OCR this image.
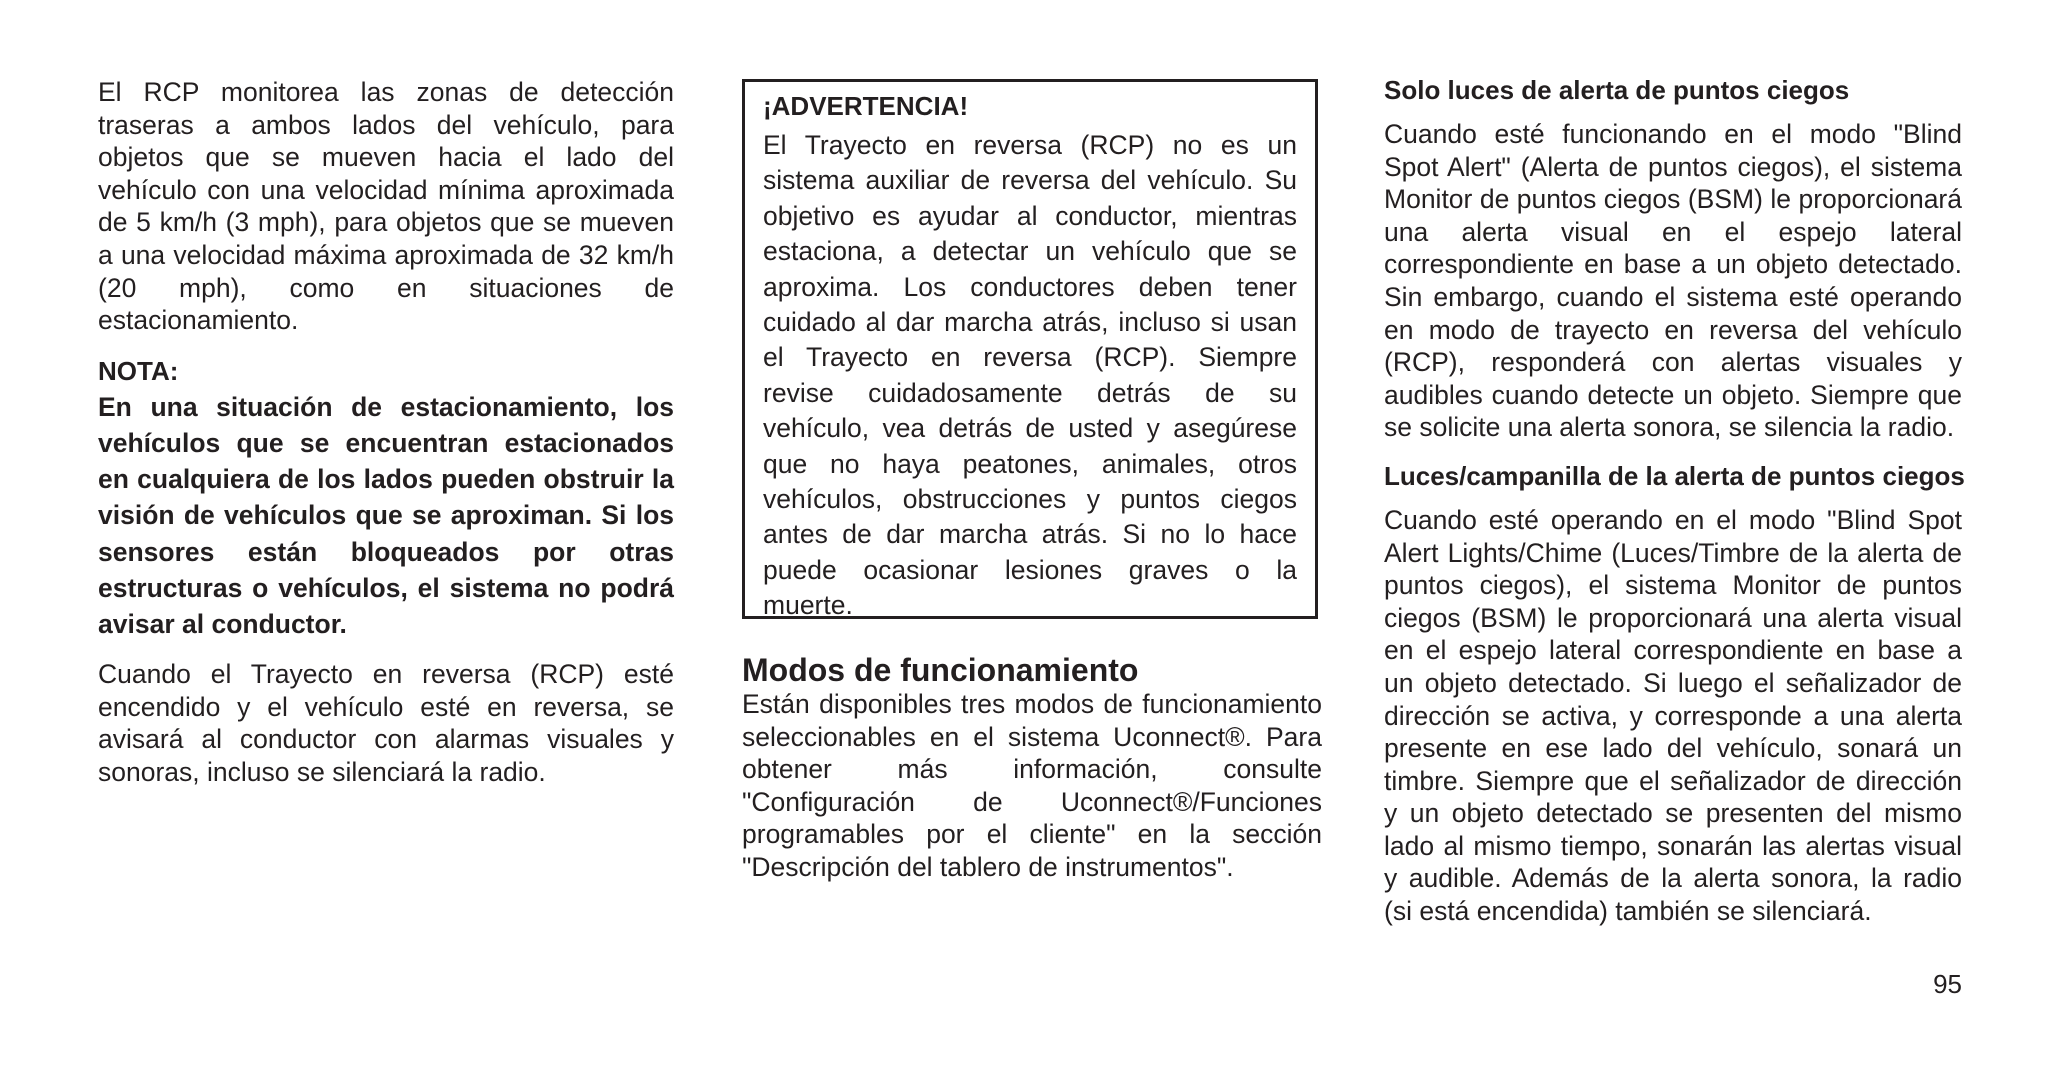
El RCP monitorea las zonas de detección traseras a ambos lados del vehículo, para objetos que se mueven hacia el lado del vehículo con una velocidad mínima aproximada de 5 km/h (3 mph), para objetos que se mueven a una velocidad máxima aproximada de 32 km/h (20 mph), como en situaciones de estacionamiento.

NOTA:

En una situación de estacionamiento, los vehículos que se encuentran estacionados en cualquiera de los lados pueden obstruir la visión de vehículos que se aproximan. Si los sensores están bloqueados por otras estructuras o vehículos, el sistema no podrá avisar al conductor.

Cuando el Trayecto en reversa (RCP) esté encendido y el vehículo esté en reversa, se avisará al conductor con alarmas visuales y sonoras, incluso se silenciará la radio.

¡ADVERTENCIA!

El Trayecto en reversa (RCP) no es un sistema auxiliar de reversa del vehículo. Su objetivo es ayudar al conductor, mientras estaciona, a detectar un vehículo que se aproxima. Los conductores deben tener cuidado al dar marcha atrás, incluso si usan el Trayecto en reversa (RCP). Siempre revise cuidadosamente detrás de su vehículo, vea detrás de usted y asegúrese que no haya peatones, animales, otros vehículos, obstrucciones y puntos ciegos antes de dar marcha atrás. Si no lo hace puede ocasionar lesiones graves o la muerte.

Modos de funcionamiento

Están disponibles tres modos de funcionamiento seleccionables en el sistema Uconnect®. Para obtener más información, consulte "Configuración de Uconnect®/Funciones programables por el cliente" en la sección "Descripción del tablero de instrumentos".

Solo luces de alerta de puntos ciegos

Cuando esté funcionando en el modo "Blind Spot Alert" (Alerta de puntos ciegos), el sistema Monitor de puntos ciegos (BSM) le proporcionará una alerta visual en el espejo lateral correspondiente en base a un objeto detectado. Sin embargo, cuando el sistema esté operando en modo de trayecto en reversa del vehículo (RCP), responderá con alertas visuales y audibles cuando detecte un objeto. Siempre que se solicite una alerta sonora, se silencia la radio.

Luces/campanilla de la alerta de puntos ciegos

Cuando esté operando en el modo "Blind Spot Alert Lights/Chime (Luces/Timbre de la alerta de puntos ciegos), el sistema Monitor de puntos ciegos (BSM) le proporcionará una alerta visual en el espejo lateral correspondiente en base a un objeto detectado. Si luego el señalizador de dirección se activa, y corresponde a una alerta presente en ese lado del vehículo, sonará un timbre. Siempre que el señalizador de dirección y un objeto detectado se presenten del mismo lado al mismo tiempo, sonarán las alertas visual y audible. Además de la alerta sonora, la radio (si está encendida) también se silenciará.

95
